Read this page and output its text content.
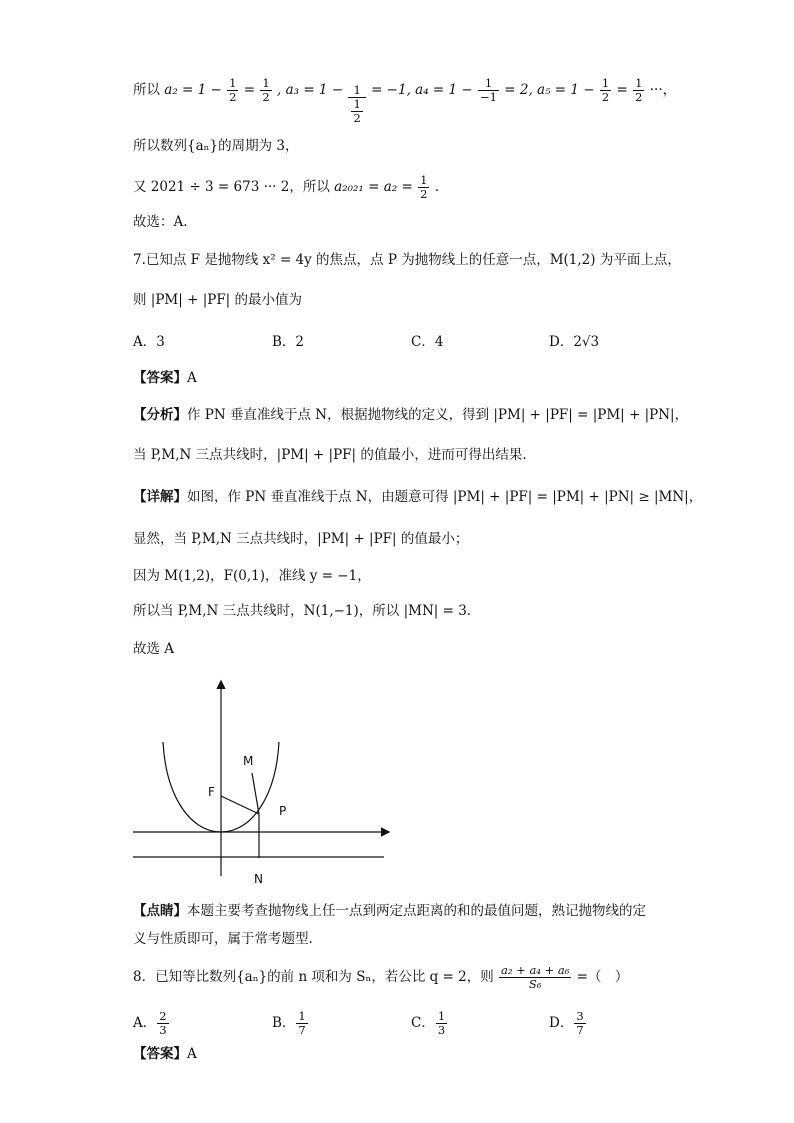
所以 $a_2 = 1 - \frac{1}{2} = \frac{1}{2}$ , $a_3 = 1 - \frac{1}{\frac{1}{2}} = -1$, $a_4 = 1 - \frac{1}{-1} = 2$, $a_5 = 1 - \frac{1}{2} = \frac{1}{2}$ ···，
所以数列{aₙ}的周期为 3，
又 2021 ÷ 3 = 673 ··· 2，所以 $a_{2021} = a_2 = \frac{1}{2}$ .
故选：A.
7.已知点 F 是抛物线 x² = 4y 的焦点，点 P 为抛物线上的任意一点，M(1,2) 为平面上点，
则 |PM| + |PF| 的最小值为
A．3	B．2	C．4	D．2√3
【答案】A
【分析】作 PN 垂直准线于点 N，根据抛物线的定义，得到 |PM| + |PF| = |PM| + |PN|，
当 P,M,N 三点共线时，|PM| + |PF| 的值最小，进而可得出结果.
【详解】如图，作 PN 垂直准线于点 N，由题意可得 |PM| + |PF| = |PM| + |PN| ≥ |MN|，
显然，当 P,M,N 三点共线时，|PM| + |PF| 的值最小；
因为 M(1,2)，F(0,1)，准线 y = −1，
所以当 P,M,N 三点共线时，N(1,−1)，所以 |MN| = 3.
故选 A
M
F
P
N
【点睛】本题主要考查抛物线上任一点到两定点距离的和的最值问题，熟记抛物线的定
义与性质即可，属于常考题型.
8．已知等比数列{aₙ}的前 n 项和为 Sₙ，若公比 q = 2，则 $\frac{\text{a₂ + a₄ + a₆}}{\text{S₆}}$ =（　）
A． $\frac{2}{3}$	B． $\frac{1}{7}$	C． $\frac{1}{3}$	D． $\frac{3}{7}$
【答案】A
